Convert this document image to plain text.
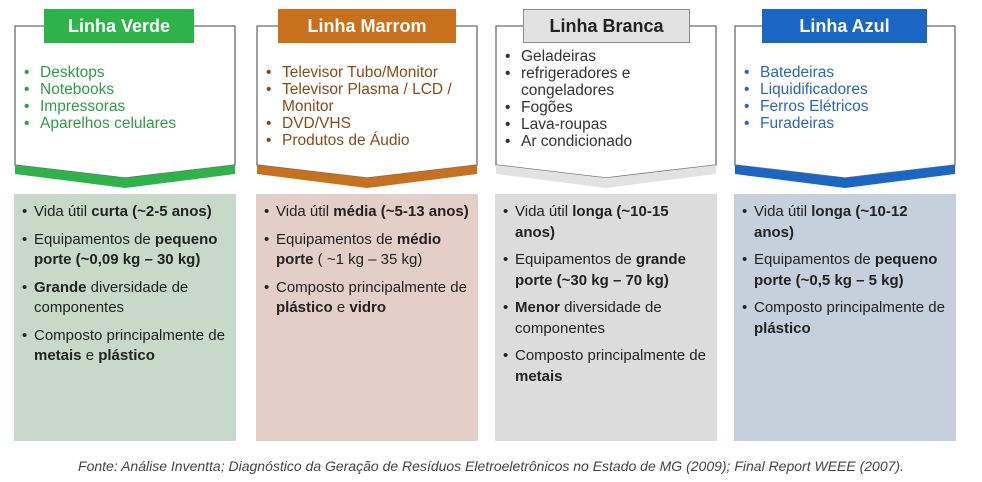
Linha Verde
• Desktops
• Notebooks
• Impressoras
• Aparelhos celulares
• Vida útil curta (~2-5 anos)
• Equipamentos de pequeno porte (~0,09 kg – 30 kg)
• Grande diversidade de componentes
• Composto principalmente de metais e plástico
Linha Marrom
• Televisor Tubo/Monitor
• Televisor Plasma / LCD / Monitor
• DVD/VHS
• Produtos de Áudio
• Vida útil média (~5-13 anos)
• Equipamentos de médio porte ( ~1 kg – 35 kg)
• Composto principalmente de plástico e vidro
Linha Branca
• Geladeiras
• refrigeradores e congeladores
• Fogões
• Lava-roupas
• Ar condicionado
• Vida útil longa (~10-15 anos)
• Equipamentos de grande porte (~30 kg – 70 kg)
• Menor diversidade de componentes
• Composto principalmente de metais
Linha Azul
• Batedeiras
• Liquidificadores
• Ferros Elétricos
• Furadeiras
• Vida útil longa (~10-12 anos)
• Equipamentos de pequeno porte (~0,5 kg – 5 kg)
• Composto principalmente de plástico
Fonte: Análise Inventta; Diagnóstico da Geração de Resíduos Eletroeletrônicos no Estado de MG (2009); Final Report WEEE (2007).
